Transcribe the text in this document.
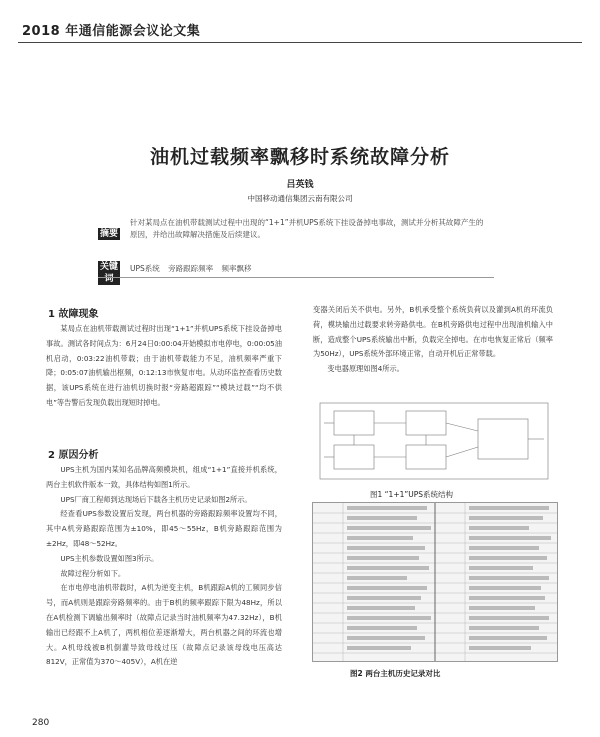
2018 年通信能源会议论文集
油机过载频率飘移时系统故障分析
吕英钱
中国移动通信集团云南有限公司
摘要
针对某局点在油机带载测试过程中出现的“1+1”并机UPS系统下挂设备掉电事故，测试并分析其故障产生的原因，并给出故障解决措施及后续建议。
关键词
UPS系统 旁路跟踪频率 频率飘移
1 故障现象

某局点在油机带载测试过程时出现“1+1”并机UPS系统下挂设备掉电事故。测试各时间点为：6月24日0:00:04开始模拟市电停电，0:00:05油机启动，0:03:22油机带载；由于油机带载能力不足，油机频率严重下降；0:05:07油机输出枢频，0:12:13市恢复市电。从动环监控查看历史数据，该UPS系统在进行油机切换时报“旁路超跟踪”“模块过载”“均不供电”等告警后发现负载出现短时掉电。

2 原因分析

UPS主机为国内某知名品牌高频模块机，组成“1+1”直接并机系统，两台主机软件版本一致，具体结构如图1所示。

UPS厂商工程师到达现场后下载各主机历史记录如图2所示。

经查看UPS参数设置后发现，两台机器的旁路跟踪频率设置均不同，其中A机旁路跟踪范围为±10%，即45～55Hz，B机旁路跟踪范围为±2Hz，即48～52Hz。

UPS主机参数设置如图3所示。

故障过程分析如下。

在市电停电油机带载时，A机为逆变主机，B机跟踪A机的工频同步信号，而A机则是跟踪旁路频率的。由于B机的频率跟踪下限为48Hz，所以在A机检测下调输出频率时（故障点记录当时油机频率为47.32Hz），B机输出已经跟不上A机了，两机相位差逐渐增大，两台机器之间的环流也增大。A机母线被B机倒灌导致母线过压（故障点记录该母线电压高达812V，正常值为370～405V），A机在逆

变器关闭后关不供电。另外，B机承受整个系统负荷以及灌到A机的环流负荷，模块输出过载要求转旁路供电。在B机旁路供电过程中出现油机输入中断，造成整个UPS系统输出中断，负载完全掉电。在市电恢复正常后（频率为50Hz），UPS系统外部环境正常，自动开机后正常带载。

变电器原理如图4所示。

图1 “1+1”UPS系统结构
图2 两台主机历史记录对比
280
